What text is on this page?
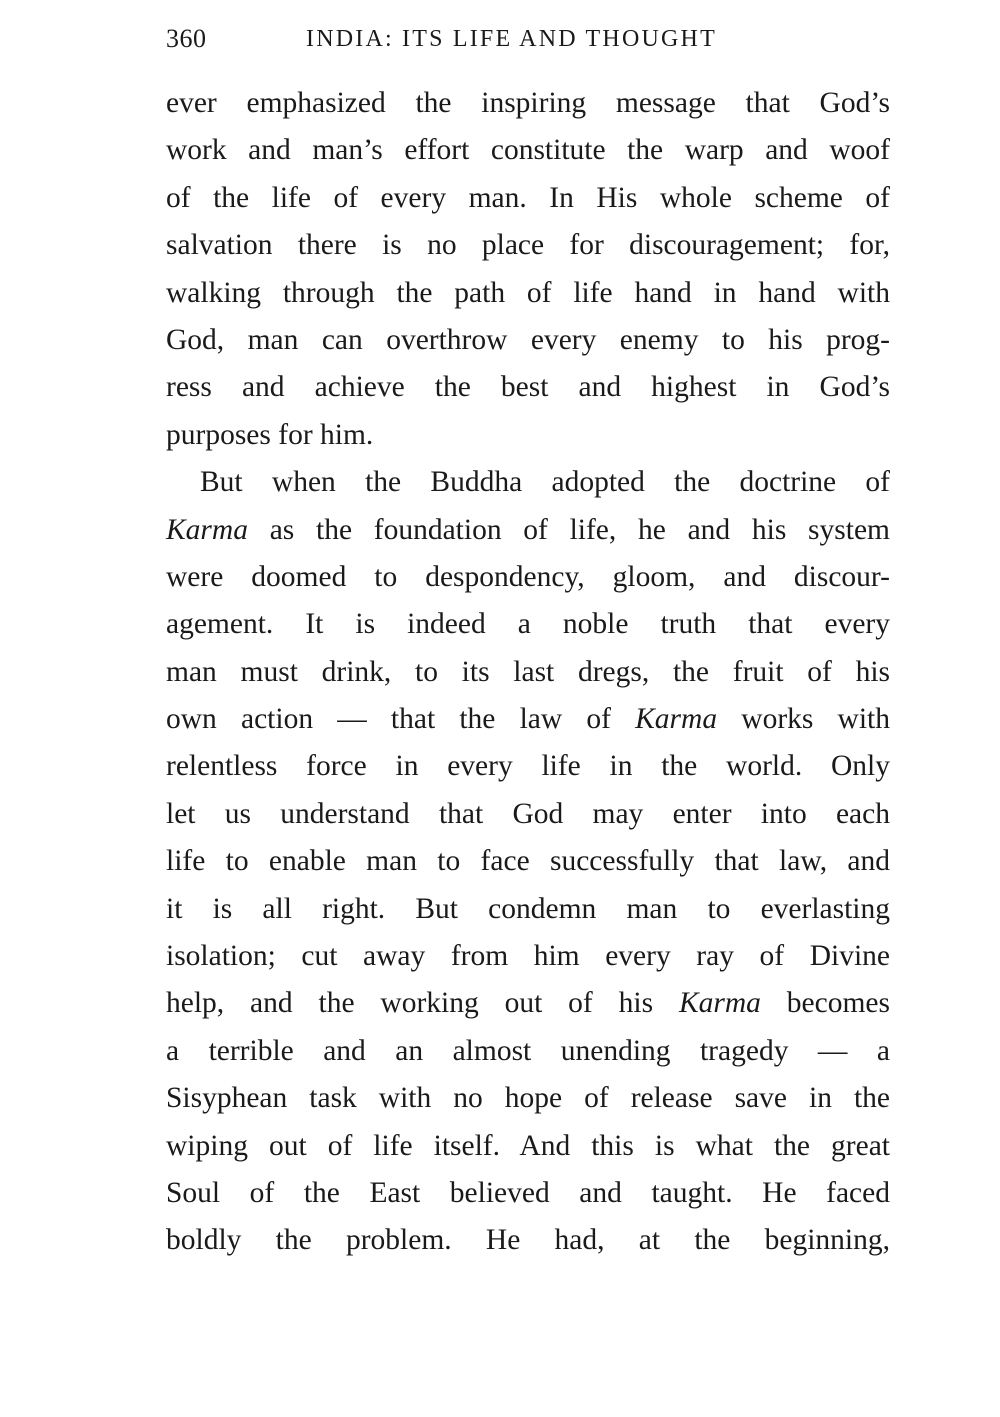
360	INDIA: ITS LIFE AND THOUGHT
ever emphasized the inspiring message that God’s
work and man’s effort constitute the warp and woof
of the life of every man. In His whole scheme of
salvation there is no place for discouragement; for,
walking through the path of life hand in hand with
God, man can overthrow every enemy to his prog-
ress and achieve the best and highest in God’s
purposes for him.
But when the Buddha adopted the doctrine of
Karma as the foundation of life, he and his system
were doomed to despondency, gloom, and discour-
agement. It is indeed a noble truth that every
man must drink, to its last dregs, the fruit of his
own action — that the law of Karma works with
relentless force in every life in the world. Only
let us understand that God may enter into each
life to enable man to face successfully that law, and
it is all right. But condemn man to everlasting
isolation; cut away from him every ray of Divine
help, and the working out of his Karma becomes
a terrible and an almost unending tragedy — a
Sisyphean task with no hope of release save in the
wiping out of life itself. And this is what the great
Soul of the East believed and taught. He faced
boldly the problem. He had, at the beginning,
